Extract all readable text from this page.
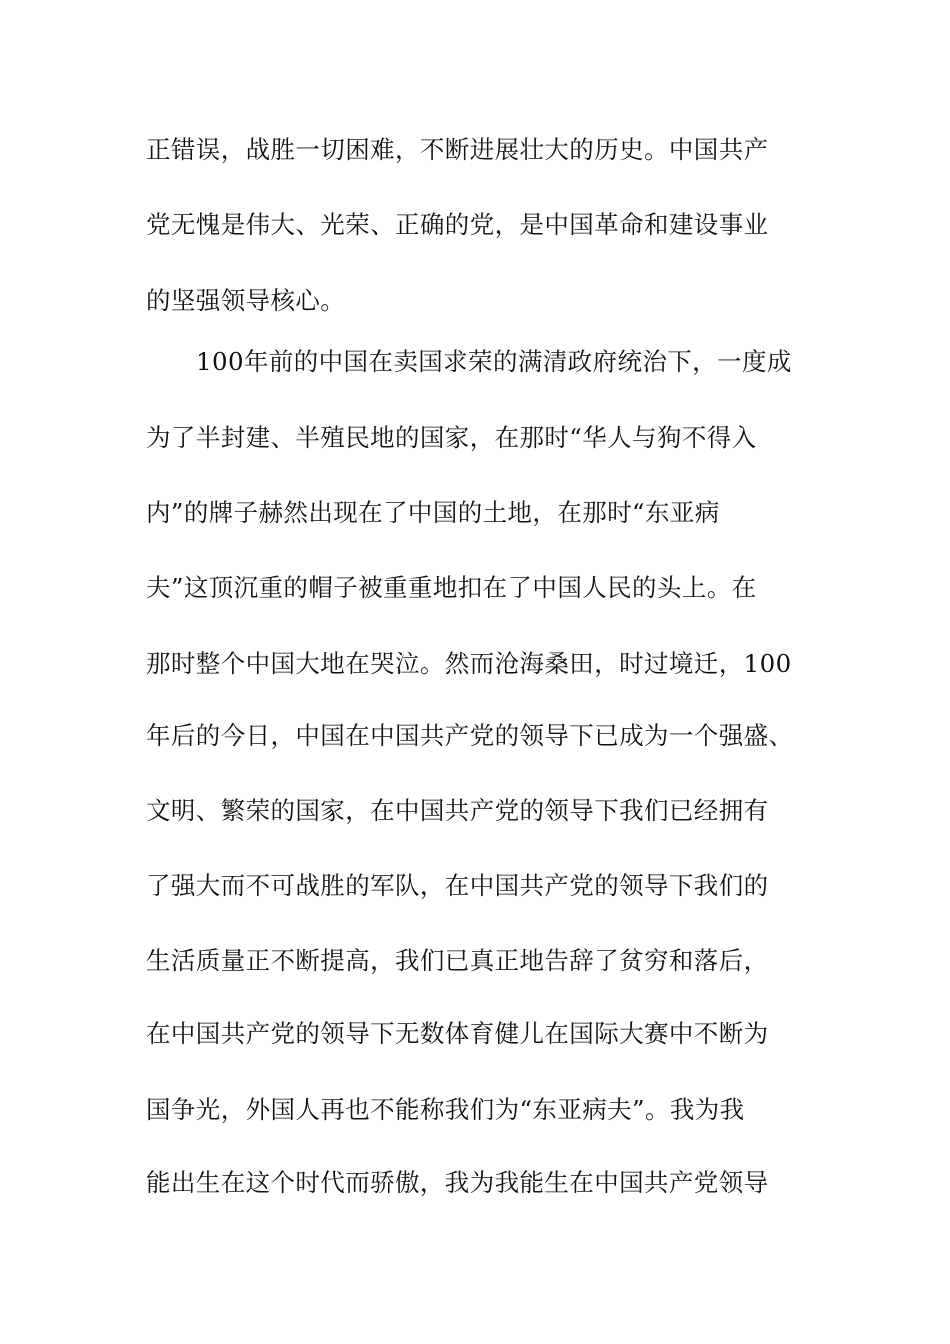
正错误，战胜一切困难，不断进展壮大的历史。中国共产
党无愧是伟大、光荣、正确的党，是中国革命和建设事业
的坚强领导核心。
100年前的中国在卖国求荣的满清政府统治下，一度成
为了半封建、半殖民地的国家，在那时“华人与狗不得入
内”的牌子赫然出现在了中国的土地，在那时“东亚病
夫”这顶沉重的帽子被重重地扣在了中国人民的头上。在
那时整个中国大地在哭泣。然而沧海桑田，时过境迁，100
年后的今日，中国在中国共产党的领导下已成为一个强盛、
文明、繁荣的国家，在中国共产党的领导下我们已经拥有
了强大而不可战胜的军队，在中国共产党的领导下我们的
生活质量正不断提高，我们已真正地告辞了贫穷和落后，
在中国共产党的领导下无数体育健儿在国际大赛中不断为
国争光，外国人再也不能称我们为“东亚病夫”。我为我
能出生在这个时代而骄傲，我为我能生在中国共产党领导
